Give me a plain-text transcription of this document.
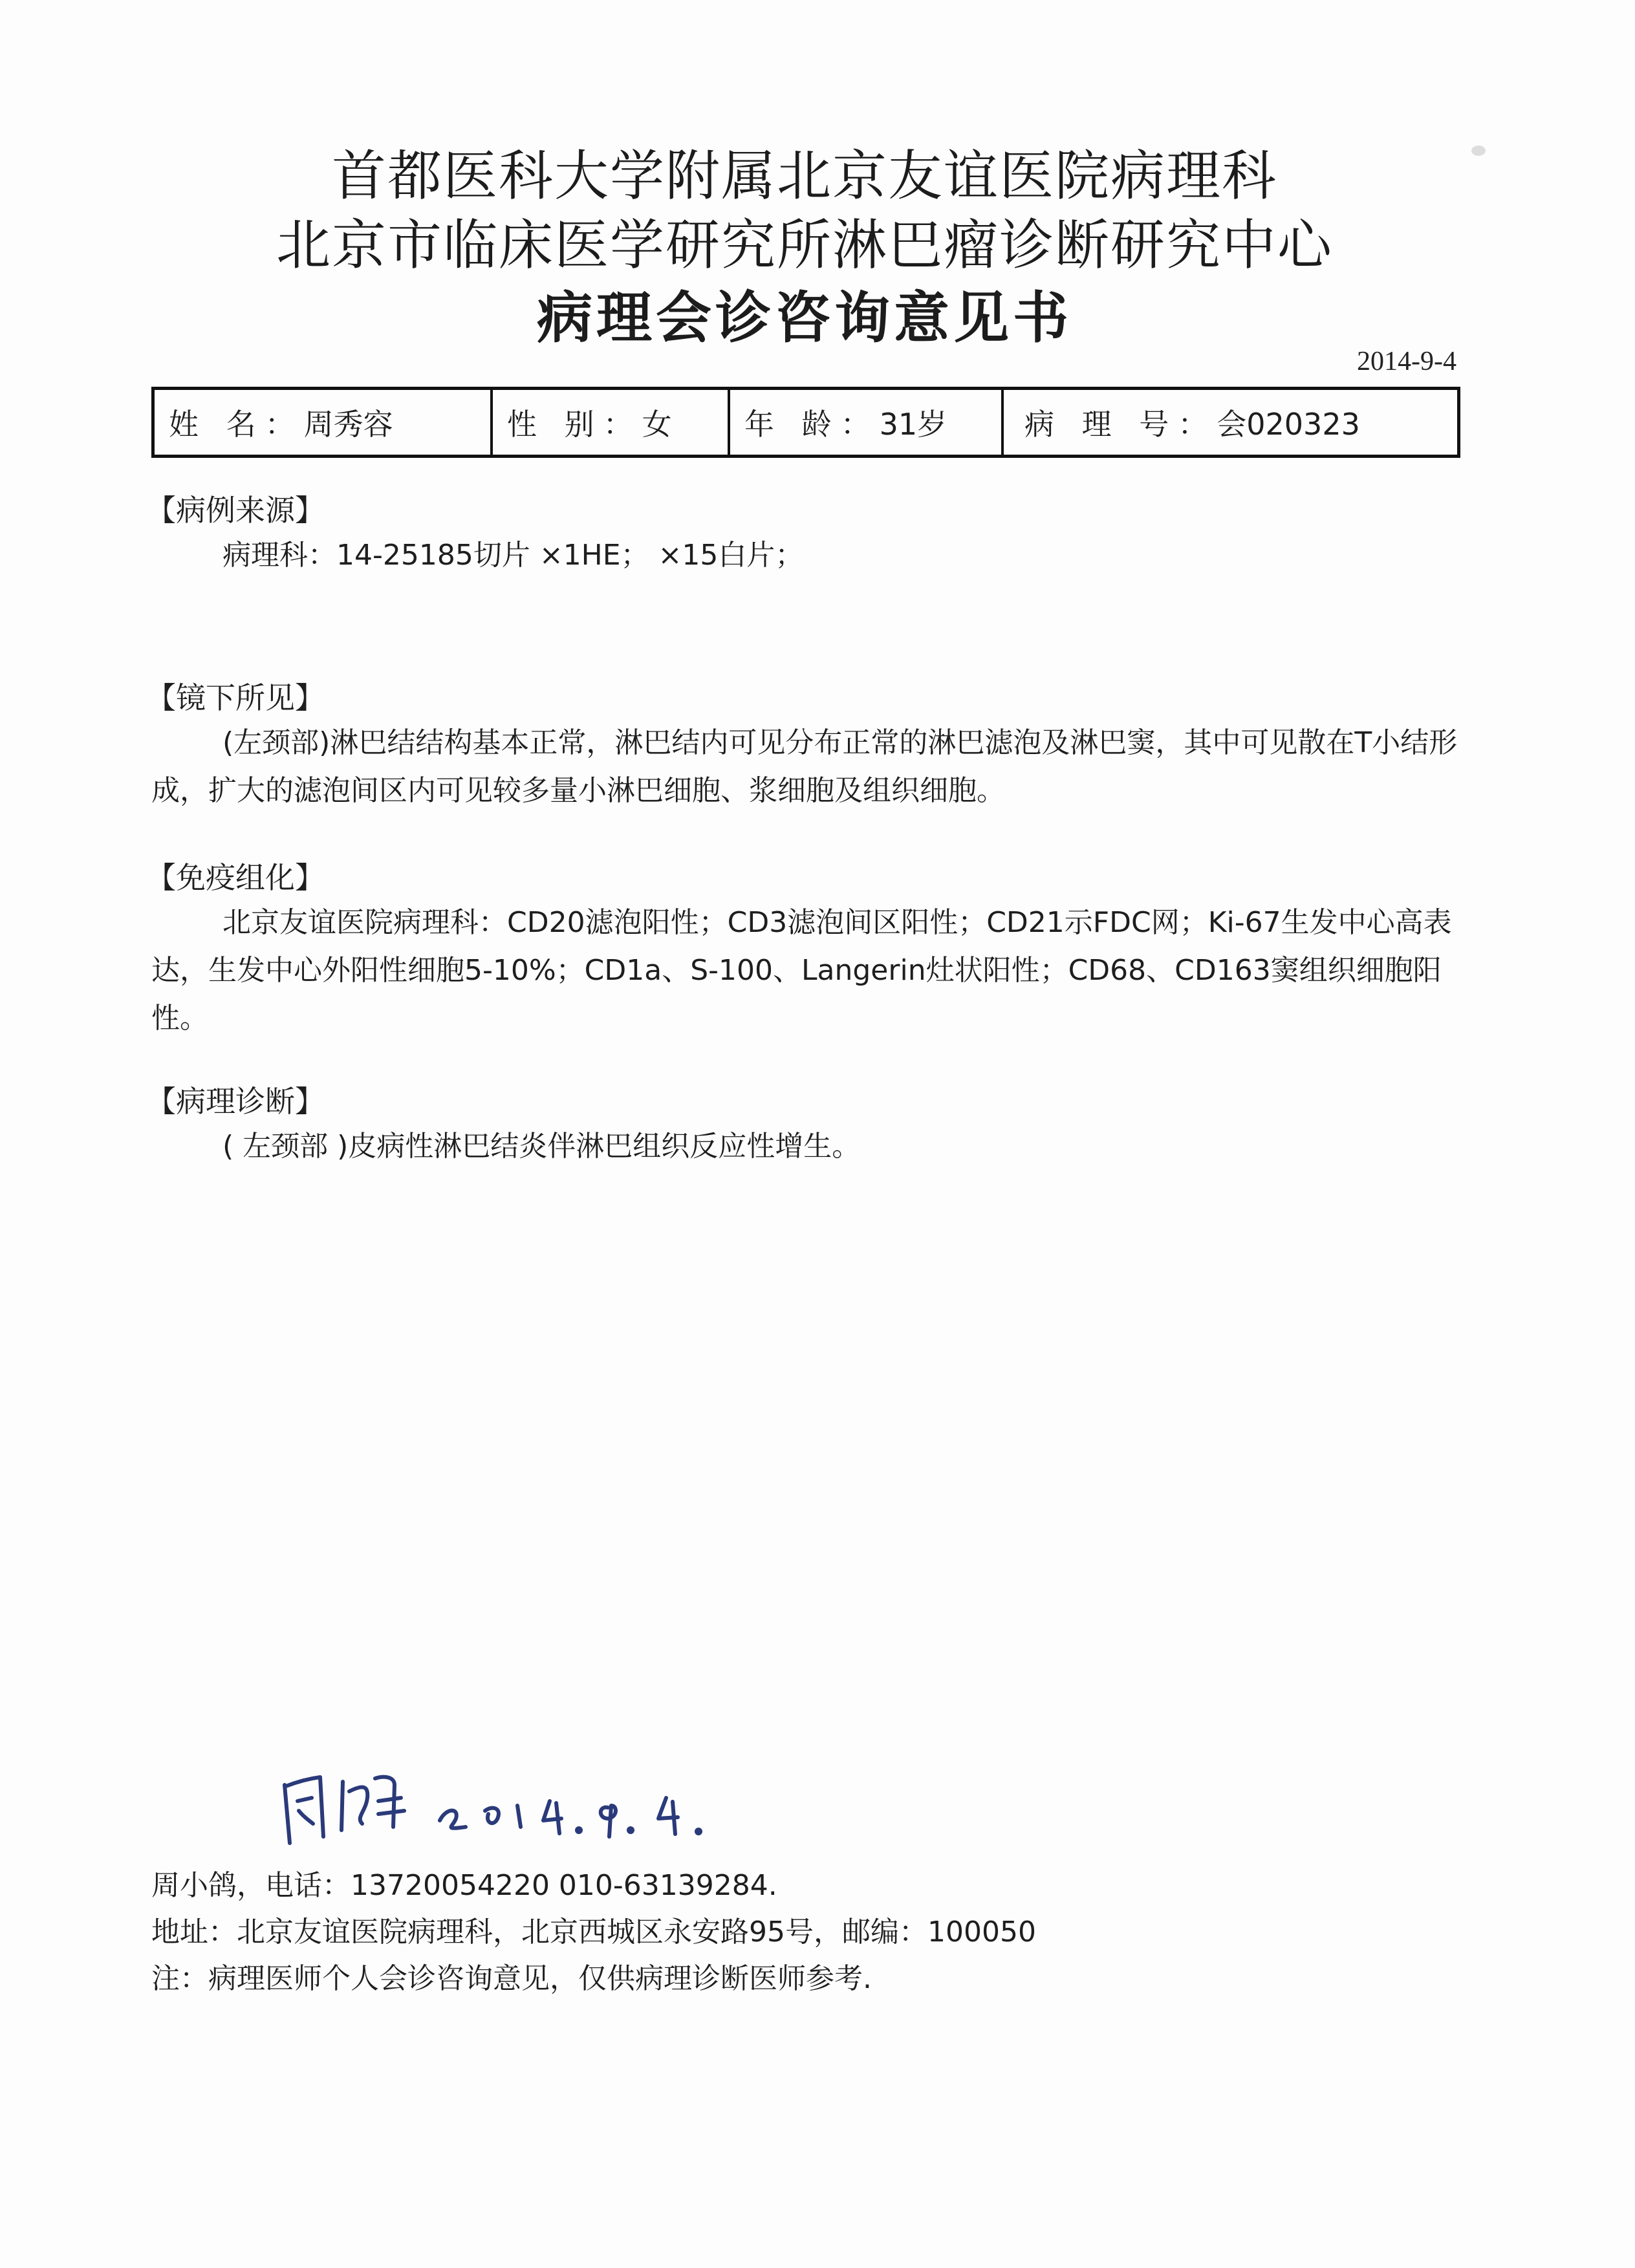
首都医科大学附属北京友谊医院病理科
北京市临床医学研究所淋巴瘤诊断研究中心
病理会诊咨询意见书
2014-9-4
姓 名 ： 周秀容	性 别 ： 女 年 龄 ： 31岁	病 理 号 ： 会020323
【病例来源】
病理科：14-25185切片 ×1HE； ×15白片；
【镜下所见】
(左颈部)淋巴结结构基本正常，淋巴结内可见分布正常的淋巴滤泡及淋巴窦，其中可见散在T小结形成，扩大的滤泡间区内可见较多量小淋巴细胞、浆细胞及组织细胞。
【免疫组化】
北京友谊医院病理科：CD20滤泡阳性；CD3滤泡间区阳性；CD21示FDC网；Ki-67生发中心高表达，生发中心外阳性细胞5-10%；CD1a、S-100、Langerin灶状阳性；CD68、CD163窦组织细胞阳性。
【病理诊断】
( 左颈部 )皮病性淋巴结炎伴淋巴组织反应性增生。
周小鸽，电话：13720054220 010-63139284.
地址：北京友谊医院病理科，北京西城区永安路95号，邮编：100050
注：病理医师个人会诊咨询意见，仅供病理诊断医师参考.
